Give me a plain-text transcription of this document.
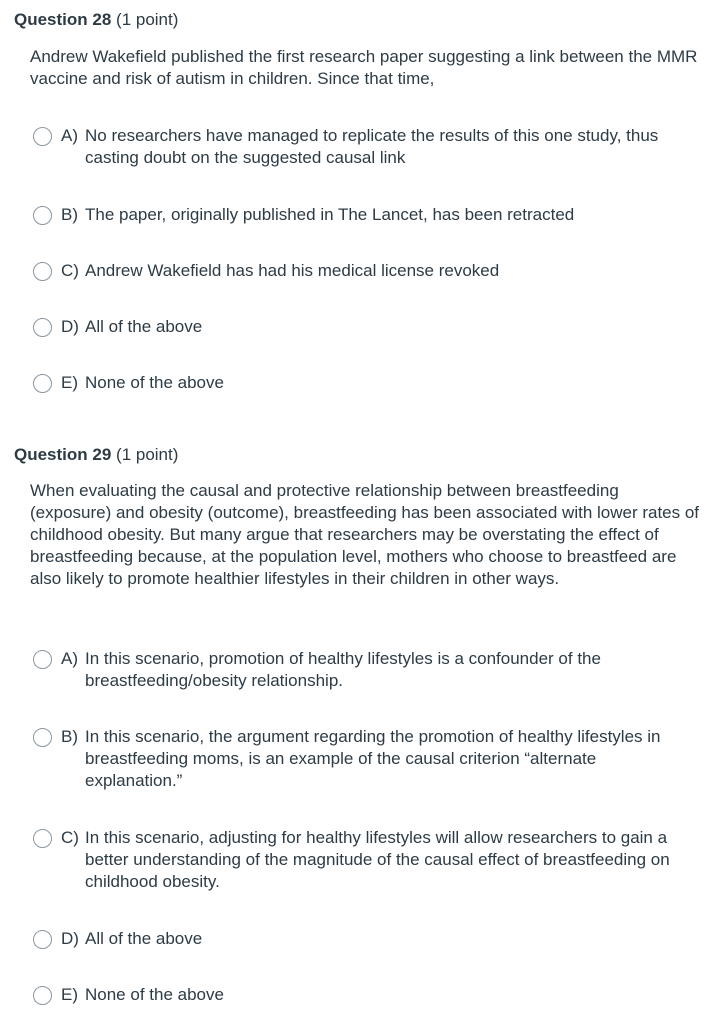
Question 28 (1 point)
Andrew Wakefield published the first research paper suggesting a link between the MMR vaccine and risk of autism in children. Since that time,
A) No researchers have managed to replicate the results of this one study, thus casting doubt on the suggested causal link
B) The paper, originally published in The Lancet, has been retracted
C) Andrew Wakefield has had his medical license revoked
D) All of the above
E) None of the above
Question 29 (1 point)
When evaluating the causal and protective relationship between breastfeeding (exposure) and obesity (outcome), breastfeeding has been associated with lower rates of childhood obesity. But many argue that researchers may be overstating the effect of breastfeeding because, at the population level, mothers who choose to breastfeed are also likely to promote healthier lifestyles in their children in other ways.
A) In this scenario, promotion of healthy lifestyles is a confounder of the breastfeeding/obesity relationship.
B) In this scenario, the argument regarding the promotion of healthy lifestyles in breastfeeding moms, is an example of the causal criterion “alternate explanation.”
C) In this scenario, adjusting for healthy lifestyles will allow researchers to gain a better understanding of the magnitude of the causal effect of breastfeeding on childhood obesity.
D) All of the above
E) None of the above
